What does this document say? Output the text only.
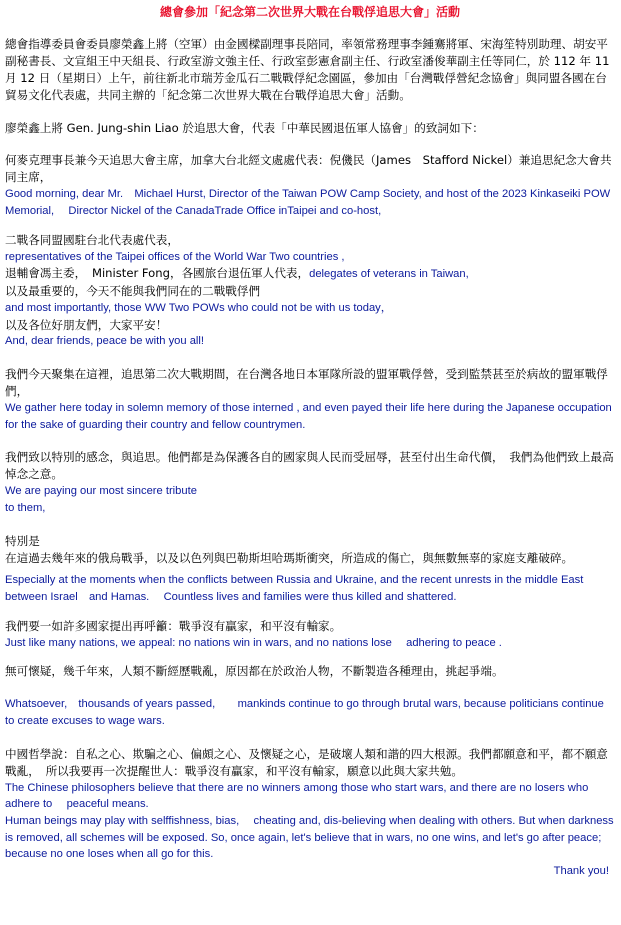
總會參加「紀念第二次世界大戰在台戰俘追思大會」活動

總會指導委員會委員廖榮鑫上將（空軍）由金國樑副理事長陪同，率領常務理事李鍾騫將軍、宋海笙特別助理、胡安平副秘書長、文宣組王中天組長、行政室游文強主任、行政室彭憲倉副主任、行政室潘俊華副主任等同仁，於 112 年 11 月 12 日（星期日）上午，前往新北市瑞芳金瓜石二戰戰俘紀念園區，參加由「台灣戰俘營紀念協會」與同盟各國在台貿易文化代表處，共同主辦的「紀念第二次世界大戰在台戰俘追思大會」活動。

廖榮鑫上將 Gen. Jung-shin Liao 於追思大會，代表「中華民國退伍軍人協會」的致詞如下：

何麥克理事長兼今天追思大會主席，加拿大台北經文處處代表：倪僟民（James　Stafford Nickel）兼追思紀念大會共同主席，

Good morning, dear Mr.　Michael Hurst, Director of the Taiwan POW Camp Society, and host of the 2023 Kinkaseiki POW Memorial,　 Director Nickel of the CanadaTrade Office inTaipei and co-host,

二戰各同盟國駐台北代表處代表，

representatives of the Taipei offices of the World War Two countries ,

退輔會馮主委，　Minister Fong，各國旅台退伍軍人代表，delegates of veterans in Taiwan,

以及最重要的，今天不能與我們同在的二戰戰俘們

and most importantly, those WW Two POWs who could not be with us today，

以及各位好朋友們，大家平安！

And, dear friends, peace be with you all!

我們今天聚集在這裡，追思第二次大戰期間，在台灣各地日本軍隊所設的盟軍戰俘營，受到監禁甚至於病故的盟軍戰俘們，

We gather here today in solemn memory of those interned , and even payed their life here during the Japanese occupation for the sake of guarding their country and fellow countrymen.

我們致以特別的感念，與追思。他們都是為保護各自的國家與人民而受屈辱，甚至付出生命代價，　我們為他們致上最高悼念之意。

We are paying our most sincere tribute

to them,

特別是

在這過去幾年來的俄烏戰爭，以及以色列與巴勒斯坦哈瑪斯衝突，所造成的傷亡，與無數無辜的家庭支離破碎。

Especially at the moments when the conflicts between Russia and Ukraine, and the recent unrests in the middle East between Israel　and Hamas.　 Countless lives and families were thus killed and shattered.

我們要一如許多國家提出再呼籲：戰爭沒有贏家，和平沒有輸家。

Just like many nations, we appeal: no nations win in wars, and no nations lose　 adhering to peace .

無可懷疑，幾千年來，人類不斷經歷戰亂，原因都在於政治人物，不斷製造各種理由，挑起爭端。

Whatsoever,　thousands of years passed,　　mankinds continue to go through brutal wars, because politicians continue to create excuses to wage wars.

中國哲學說：自私之心、欺騙之心、偏頗之心、及懷疑之心，是破壞人類和諧的四大根源。我們都願意和平，都不願意戰亂，　所以我要再一次提醒世人：戰爭沒有贏家，和平沒有輸家，願意以此與大家共勉。

The Chinese philosophers believe that there are no winners among those who start wars, and there are no losers who adhere to　 peaceful means.

Human beings may play with selffishness, bias,　 cheating and, dis-believing when dealing with others. But when darkness is removed, all schemes will be exposed. So, once again, let's believe that in wars, no one wins, and let's go after peace; because no one loses when all go for this.

Thank you!
